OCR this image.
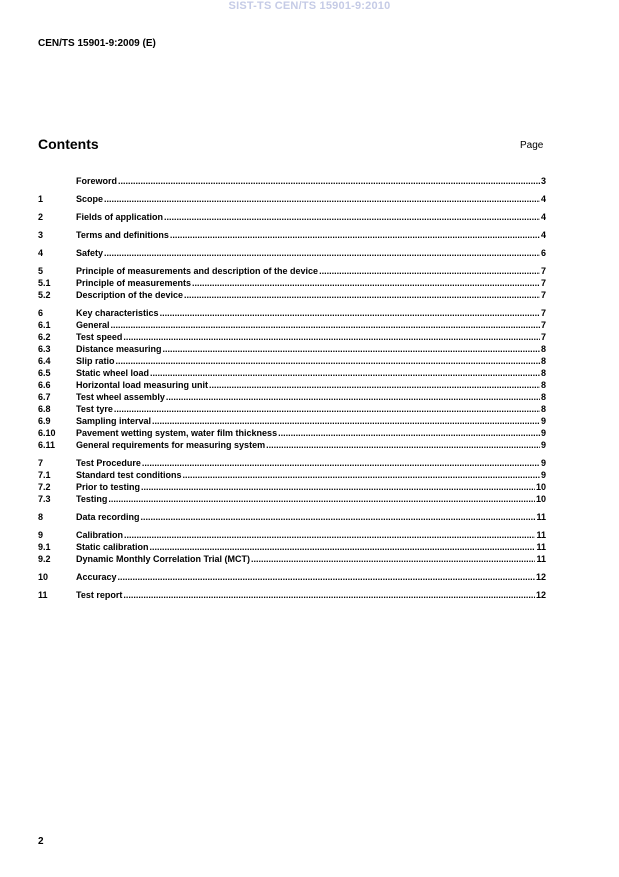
SIST-TS CEN/TS 15901-9:2010
CEN/TS 15901-9:2009 (E)
Contents	Page
Foreword .....	3
1	Scope .....	4
2	Fields of application .....	4
3	Terms and definitions .....	4
4	Safety .....	6
5	Principle of measurements and description of the device .....	7
5.1	Principle of measurements .....	7
5.2	Description of the device .....	7
6	Key characteristics .....	7
6.1	General .....	7
6.2	Test speed .....	7
6.3	Distance measuring .....	8
6.4	Slip ratio .....	8
6.5	Static wheel load .....	8
6.6	Horizontal load measuring unit .....	8
6.7	Test wheel assembly .....	8
6.8	Test tyre .....	8
6.9	Sampling interval .....	9
6.10	Pavement wetting system, water film thickness .....	9
6.11	General requirements for measuring system .....	9
7	Test Procedure .....	9
7.1	Standard test conditions .....	9
7.2	Prior to testing .....	10
7.3	Testing .....	10
8	Data recording .....	11
9	Calibration .....	11
9.1	Static calibration .....	11
9.2	Dynamic Monthly Correlation Trial (MCT) .....	11
10	Accuracy .....	12
11	Test report .....	12
2
